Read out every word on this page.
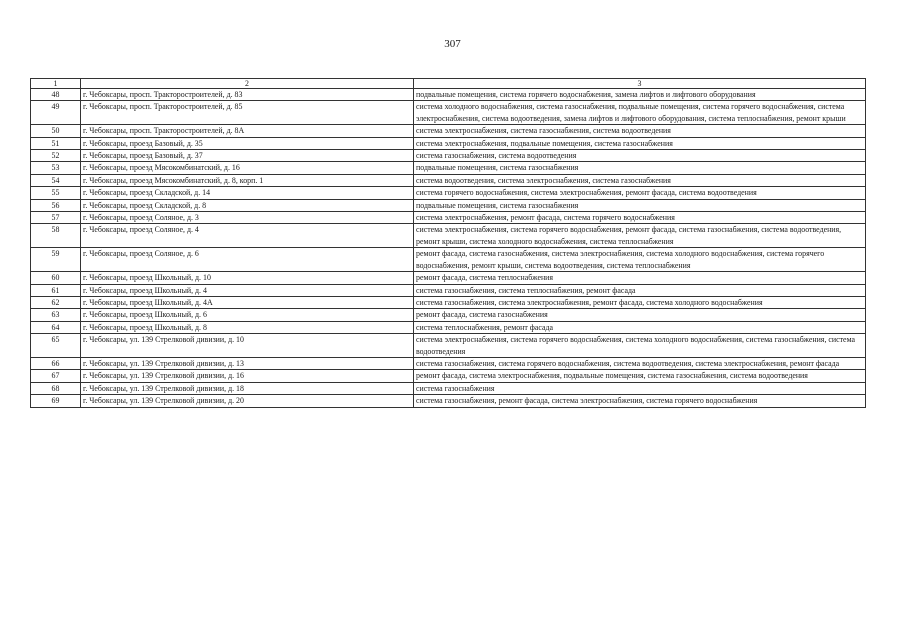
307
1	2	3
48	г. Чебоксары, просп. Тракторостроителей, д. 83	подвальные помещения, система горячего водоснабжения, замена лифтов и лифтового оборудования
49	г. Чебоксары, просп. Тракторостроителей, д. 85	система холодного водоснабжения, система газоснабжения, подвальные помещения, система горячего водоснабжения, система электроснабжения, система водоотведения, замена лифтов и лифтового оборудования, система теплоснабжения, ремонт крыши
50	г. Чебоксары, просп. Тракторостроителей, д. 8А	система электроснабжения, система газоснабжения, система водоотведения
51	г. Чебоксары, проезд Базовый, д. 35	система электроснабжения, подвальные помещения, система газоснабжения
52	г. Чебоксары, проезд Базовый, д. 37	система газоснабжения, система водоотведения
53	г. Чебоксары, проезд Мясокомбинатский, д. 16	подвальные помещения, система газоснабжения
54	г. Чебоксары, проезд Мясокомбинатский, д. 8, корп. 1	система водоотведения, система электроснабжения, система газоснабжения
55	г. Чебоксары, проезд Складской, д. 14	система горячего водоснабжения, система электроснабжения, ремонт фасада, система водоотведения
56	г. Чебоксары, проезд Складской, д. 8	подвальные помещения, система газоснабжения
57	г. Чебоксары, проезд Соляное, д. 3	система электроснабжения, ремонт фасада, система горячего водоснабжения
58	г. Чебоксары, проезд Соляное, д. 4	система электроснабжения, система горячего водоснабжения, ремонт фасада, система газоснабжения, система водоотведения, ремонт крыши, система холодного водоснабжения, система теплоснабжения
59	г. Чебоксары, проезд Соляное, д. 6	ремонт фасада, система газоснабжения, система электроснабжения, система холодного водоснабжения, система горячего водоснабжения, ремонт крыши, система водоотведения, система теплоснабжения
60	г. Чебоксары, проезд Школьный, д. 10	ремонт фасада, система теплоснабжения
61	г. Чебоксары, проезд Школьный, д. 4	система газоснабжения, система теплоснабжения, ремонт фасада
62	г. Чебоксары, проезд Школьный, д. 4А	система газоснабжения, система электроснабжения, ремонт фасада, система холодного водоснабжения
63	г. Чебоксары, проезд Школьный, д. 6	ремонт фасада, система газоснабжения
64	г. Чебоксары, проезд Школьный, д. 8	система теплоснабжения, ремонт фасада
65	г. Чебоксары, ул. 139 Стрелковой дивизии, д. 10	система электроснабжения, система горячего водоснабжения, система холодного водоснабжения, система газоснабжения, система водоотведения
66	г. Чебоксары, ул. 139 Стрелковой дивизии, д. 13	система газоснабжения, система горячего водоснабжения, система водоотведения, система электроснабжения, ремонт фасада
67	г. Чебоксары, ул. 139 Стрелковой дивизии, д. 16	ремонт фасада, система электроснабжения, подвальные помещения, система газоснабжения, система водоотведения
68	г. Чебоксары, ул. 139 Стрелковой дивизии, д. 18	система газоснабжения
69	г. Чебоксары, ул. 139 Стрелковой дивизии, д. 20	система газоснабжения, ремонт фасада, система электроснабжения, система горячего водоснабжения
